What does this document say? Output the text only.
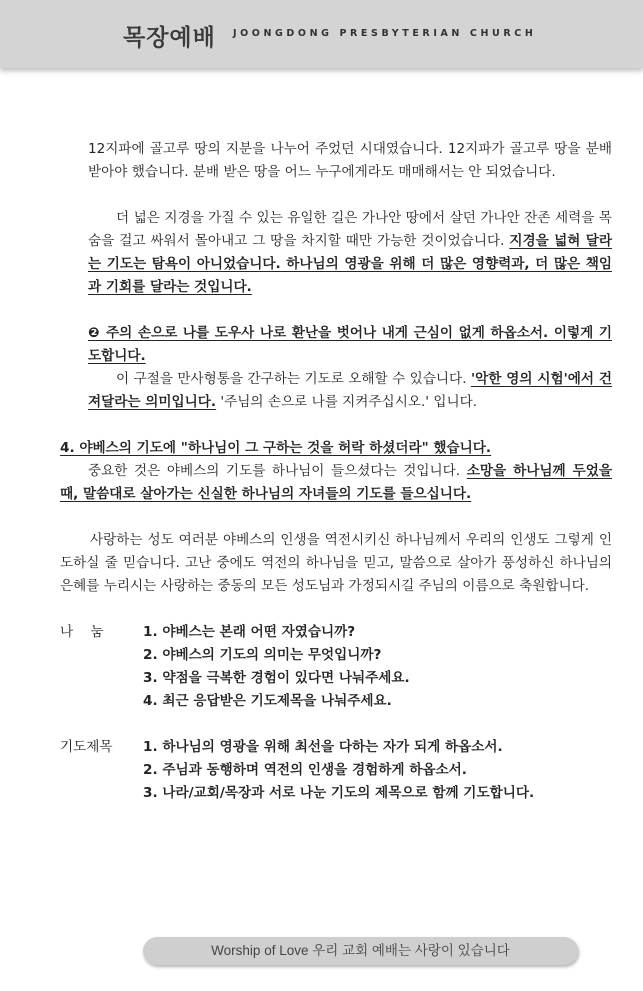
목장예배 JOONGDONG PRESBYTERIAN CHURCH

12지파에 골고루 땅의 지분을 나누어 주었던 시대였습니다. 12지파가 골고루 땅을 분배 받아야 했습니다. 분배 받은 땅을 어느 누구에게라도 매매해서는 안 되었습니다.

더 넓은 지경을 가질 수 있는 유일한 길은 가나안 땅에서 살던 가나안 잔존 세력을 목숨을 걸고 싸워서 몰아내고 그 땅을 차지할 때만 가능한 것이었습니다. 지경을 넓혀 달라는 기도는 탐욕이 아니었습니다. 하나님의 영광을 위해 더 많은 영향력과, 더 많은 책임과 기회를 달라는 것입니다.

❷ 주의 손으로 나를 도우사 나로 환난을 벗어나 내게 근심이 없게 하옵소서. 이렇게 기도합니다.

이 구절을 만사형통을 간구하는 기도로 오해할 수 있습니다. '악한 영의 시험'에서 건져달라는 의미입니다. '주님의 손으로 나를 지켜주십시오.' 입니다.

4. 야베스의 기도에 "하나님이 그 구하는 것을 허락 하셨더라" 했습니다.

중요한 것은 야베스의 기도를 하나님이 들으셨다는 것입니다. 소망을 하나님께 두었을 때, 말씀대로 살아가는 신실한 하나님의 자녀들의 기도를 들으십니다.

사랑하는 성도 여러분 야베스의 인생을 역전시키신 하나님께서 우리의 인생도 그렇게 인도하실 줄 믿습니다. 고난 중에도 역전의 하나님을 믿고, 말씀으로 살아가 풍성하신 하나님의 은혜를 누리시는 사랑하는 중동의 모든 성도님과 가정되시길 주님의 이름으로 축원합니다.

나    눔	1. 야베스는 본래 어떤 자였습니까?
2. 야베스의 기도의 의미는 무엇입니까?
3. 약점을 극복한 경험이 있다면 나눠주세요.
4. 최근 응답받은 기도제목을 나눠주세요.
기도제목	1. 하나님의 영광을 위해 최선을 다하는 자가 되게 하옵소서.
2. 주님과 동행하며 역전의 인생을 경험하게 하옵소서.
3. 나라/교회/목장과 서로 나눈 기도의 제목으로 함께 기도합니다.
Worship of Love 우리 교회 예배는 사랑이 있습니다
